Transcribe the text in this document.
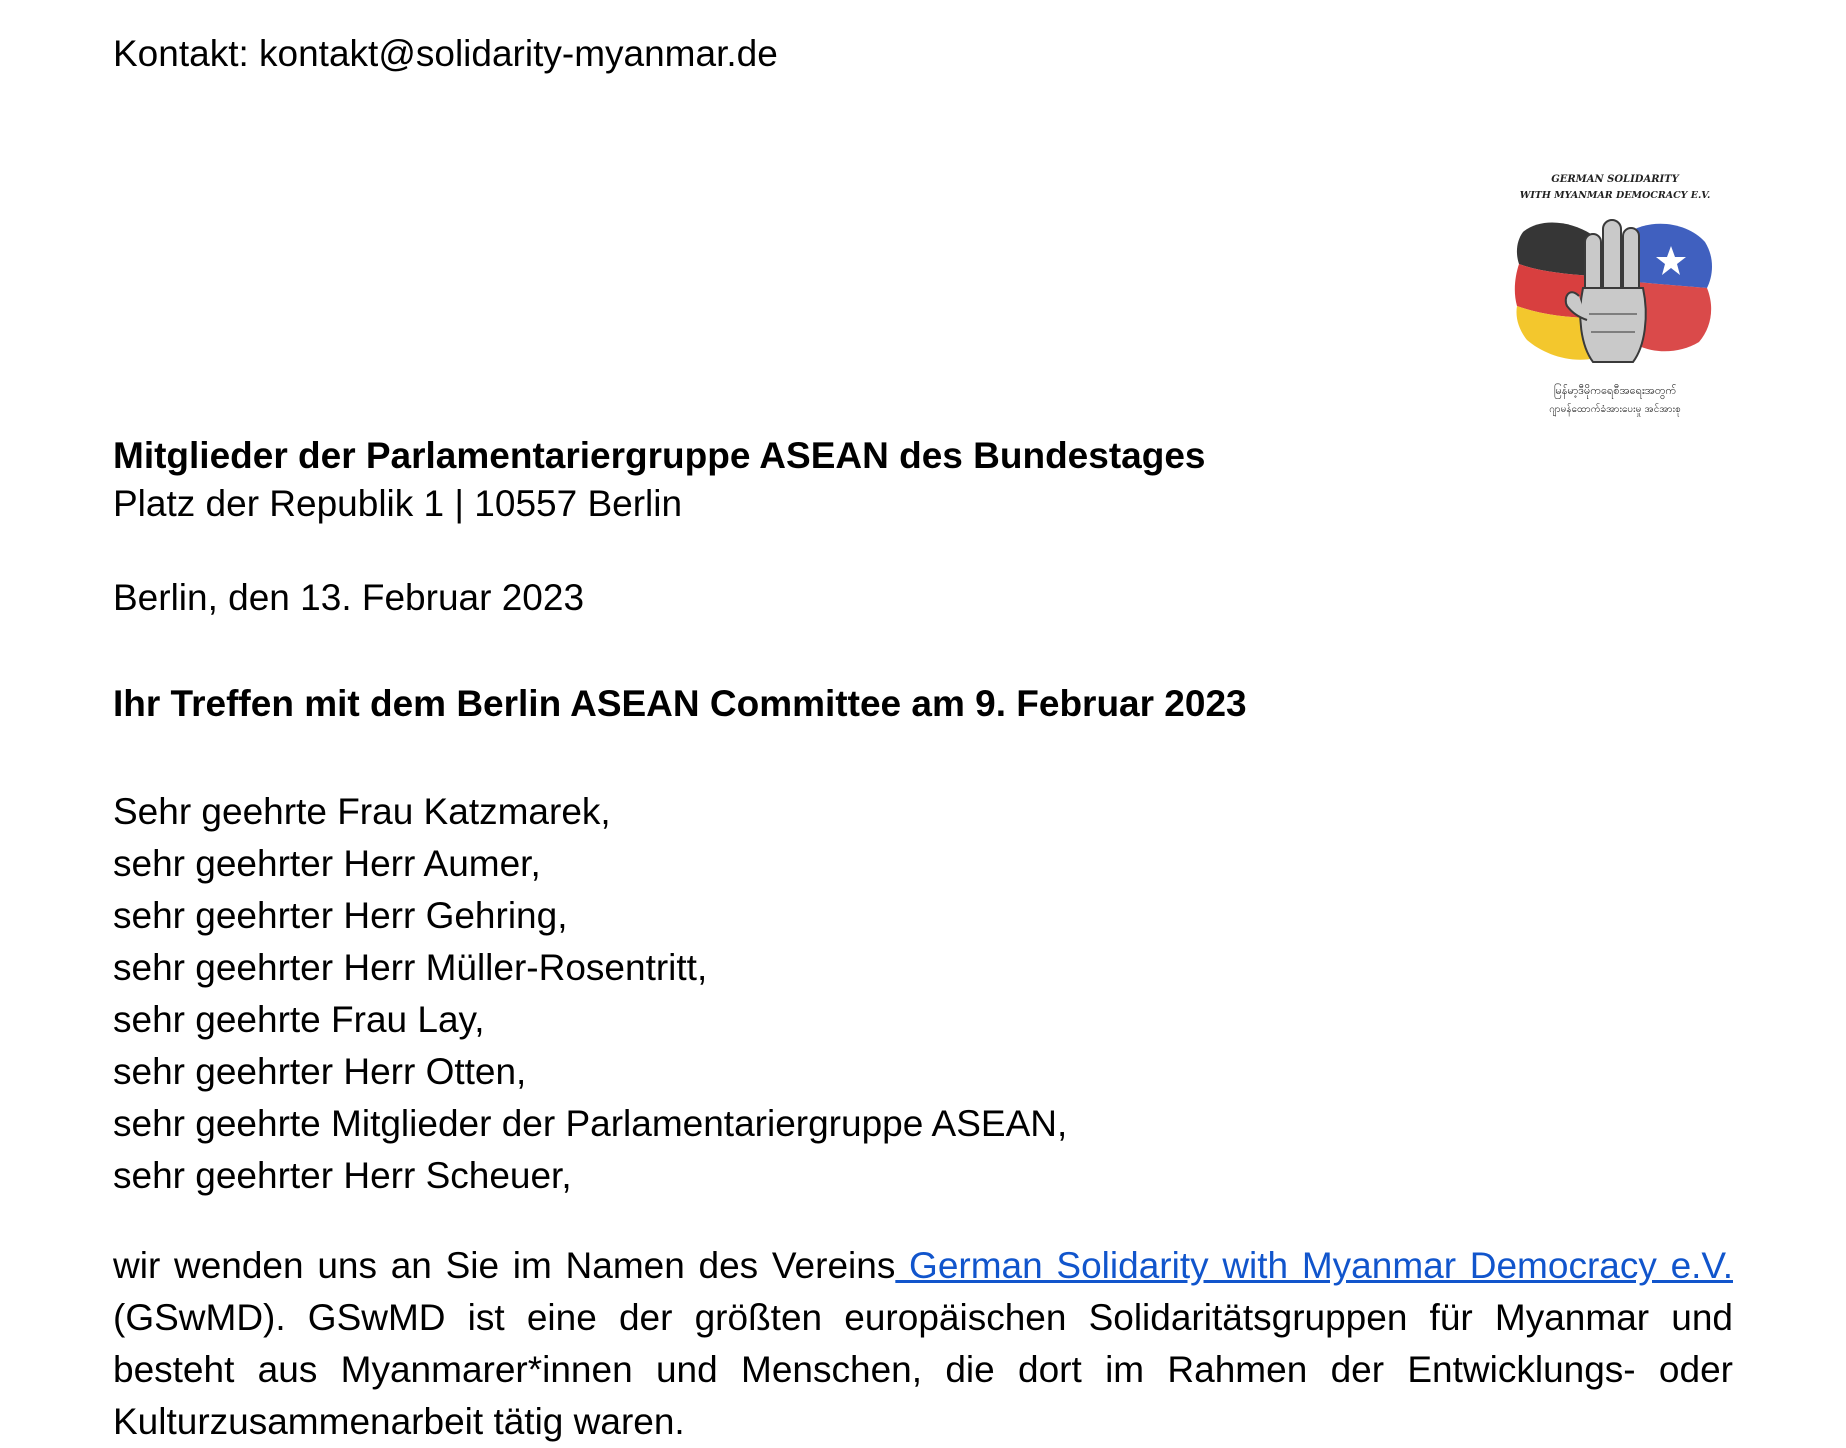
Kontakt: kontakt@solidarity-myanmar.de
GERMAN SOLIDARITY
WITH MYANMAR DEMOCRACY E.V.
မြန်မာ့ဒီမိုကရေစီအရေးအတွက်
ဂျာမန်ထောက်ခံအားပေးမှု အင်အားစု
Mitglieder der Parlamentariergruppe ASEAN des Bundestages
Platz der Republik 1 | 10557 Berlin
Berlin, den 13. Februar 2023
Ihr Treffen mit dem Berlin ASEAN Committee am 9. Februar 2023
Sehr geehrte Frau Katzmarek,
sehr geehrter Herr Aumer,
sehr geehrter Herr Gehring,
sehr geehrter Herr Müller-Rosentritt,
sehr geehrte Frau Lay,
sehr geehrter Herr Otten,
sehr geehrte Mitglieder der Parlamentariergruppe ASEAN,
sehr geehrter Herr Scheuer,
wir wenden uns an Sie im Namen des Vereins German Solidarity with Myanmar Democracy e.V. (GSwMD). GSwMD ist eine der größten europäischen Solidaritätsgruppen für Myanmar und besteht aus Myanmarer*innen und Menschen, die dort im Rahmen der Entwicklungs- oder Kulturzusammenarbeit tätig waren.
